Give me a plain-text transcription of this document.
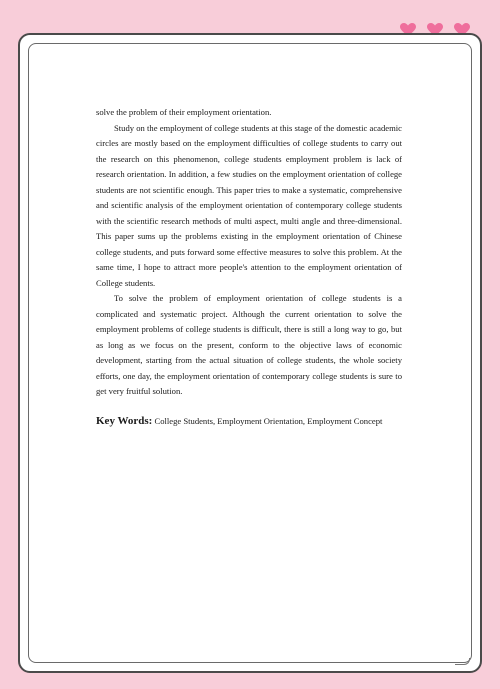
solve the problem of their employment orientation.

Study on the employment of college students at this stage of the domestic academic circles are mostly based on the employment difficulties of college students to carry out the research on this phenomenon, college students employment problem is lack of research orientation. In addition, a few studies on the employment orientation of college students are not scientific enough. This paper tries to make a systematic, comprehensive and scientific analysis of the employment orientation of contemporary college students with the scientific research methods of multi aspect, multi angle and three-dimensional. This paper sums up the problems existing in the employment orientation of Chinese college students, and puts forward some effective measures to solve this problem. At the same time, I hope to attract more people's attention to the employment orientation of College students.

To solve the problem of employment orientation of college students is a complicated and systematic project. Although the current orientation to solve the employment problems of college students is difficult, there is still a long way to go, but as long as we focus on the present, conform to the objective laws of economic development, starting from the actual situation of college students, the whole society efforts, one day, the employment orientation of contemporary college students is sure to get very fruitful solution.

Key Words: College Students, Employment Orientation, Employment Concept
